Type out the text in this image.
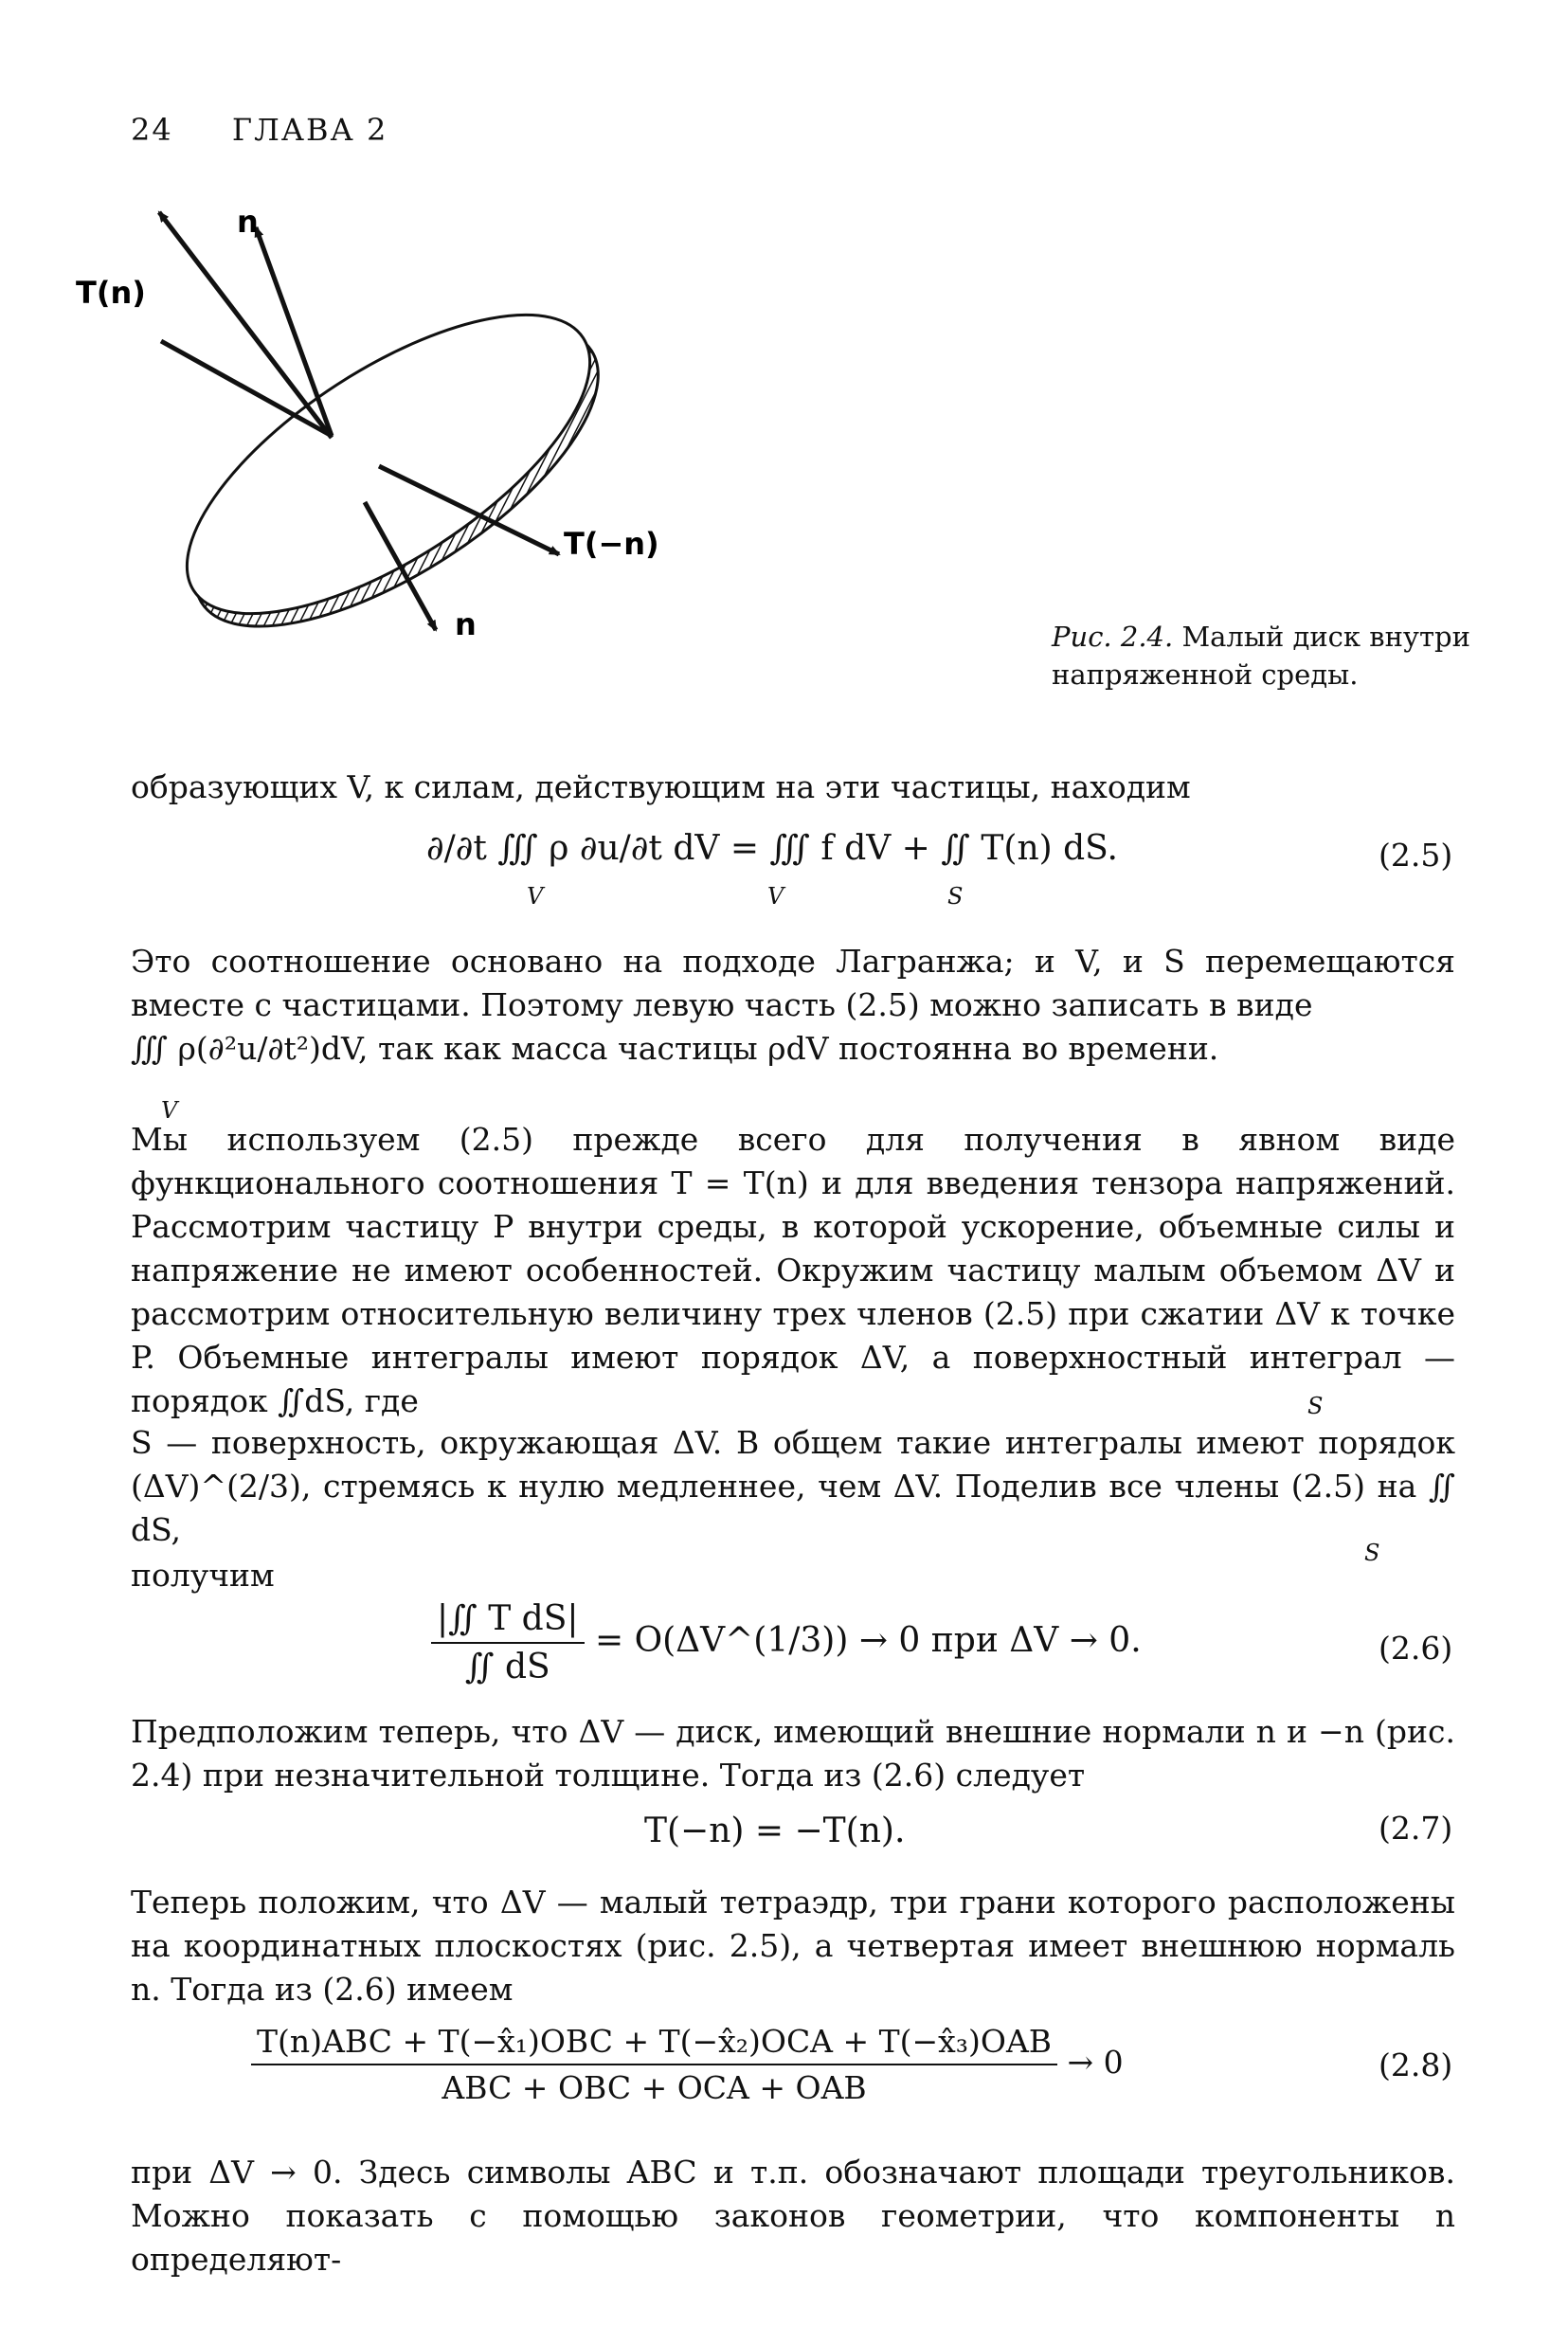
24 ГЛАВА 2
n
T(n)
T(−n)
n	Рис. 2.4. Малый диск внутри напряженной среды.

образующих V, к силам, действующим на эти частицы, находим

∂/∂t ∭ ρ ∂u/∂t dV = ∭ f dV + ∬ T(n) dS.
V	V	S
(2.5)

Это соотношение основано на подходе Лагранжа; и V, и S перемещаются вместе с частицами. Поэтому левую часть (2.5) можно записать в виде

∭ ρ(∂²u/∂t²)dV, так как масса частицы ρdV постоянна во времени.

V

Мы используем (2.5) прежде всего для получения в явном виде функционального соотношения T = T(n) и для введения тензора напряжений. Рассмотрим частицу P внутри среды, в которой ускорение, объемные силы и напряжение не имеют особенностей. Окружим частицу малым объемом ΔV и рассмотрим относительную величину трех членов (2.5) при сжатии ΔV к точке P. Объемные интегралы имеют порядок ΔV, а поверхностный интеграл — порядок ∬dS, где	S

S — поверхность, окружающая ΔV. В общем такие интегралы имеют порядок (ΔV)^(2/3), стремясь к нулю медленнее, чем ΔV. Поделив все члены (2.5) на ∬ dS,

S

получим

$\frac{\text{|∬ T dS|}}{∬ dS}$ = O(ΔV^(1/3)) → 0 при ΔV → 0.	(2.6)

Предположим теперь, что ΔV — диск, имеющий внешние нормали n и −n (рис. 2.4) при незначительной толщине. Тогда из (2.6) следует

T(−n) = −T(n).	(2.7)

Теперь положим, что ΔV — малый тетраэдр, три грани которого расположены на координатных плоскостях (рис. 2.5), а четвертая имеет внешнюю нормаль n. Тогда из (2.6) имеем

$\frac{\text{T(n)ABC + T(−x̂₁)OBC + T(−x̂₂)OCA + T(−x̂₃)OAB}}{\text{ABC + OBC + OCA + OAB}} \to 0$	(2.8)

при ΔV → 0. Здесь символы ABC и т.п. обозначают площади треугольников. Можно показать с помощью законов геометрии, что компоненты n определяют-
